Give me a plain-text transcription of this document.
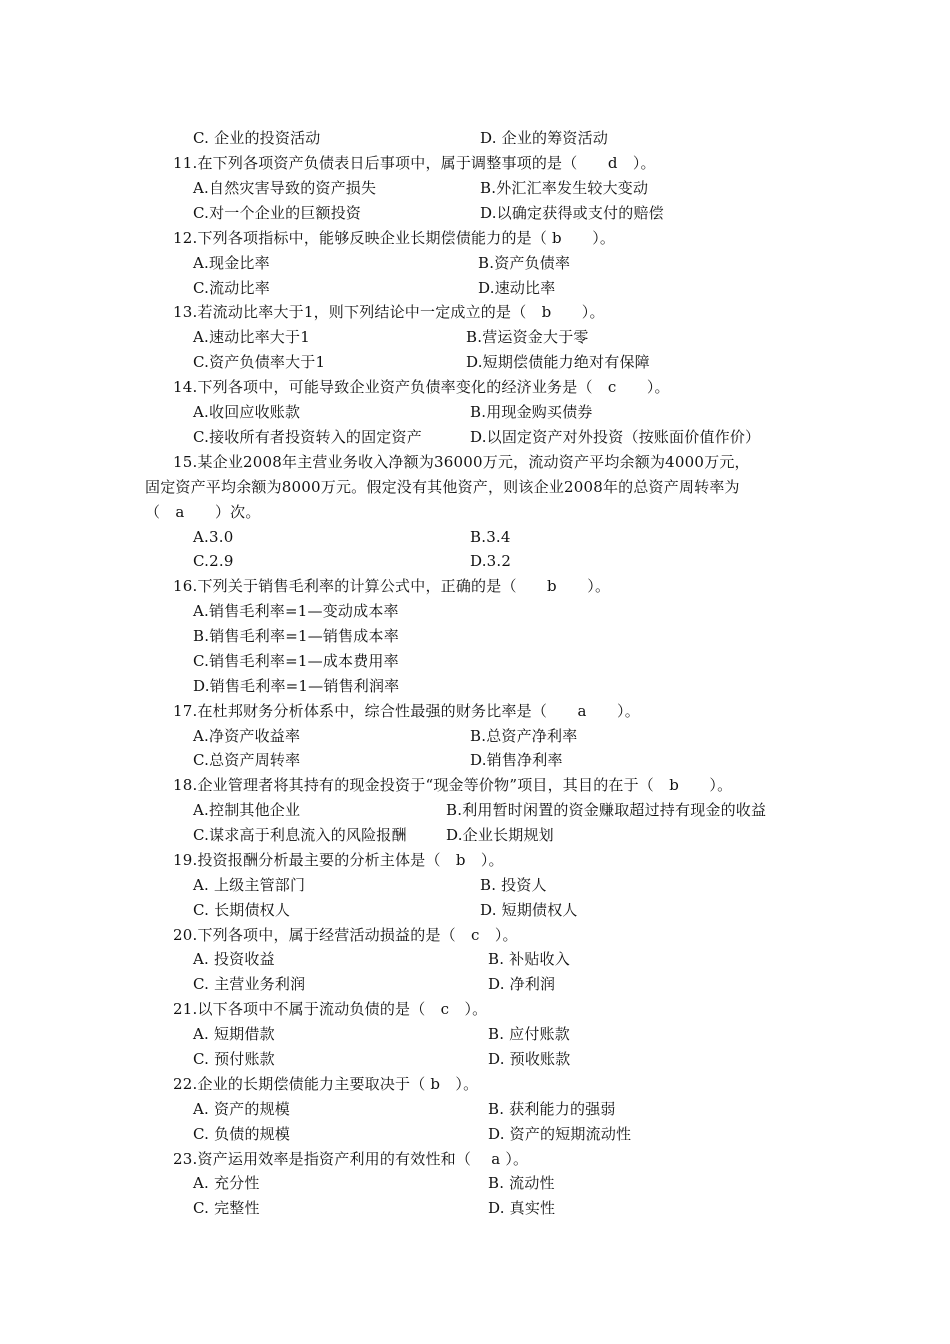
C. 企业的投资活动	D. 企业的筹资活动
11.在下列各项资产负债表日后事项中，属于调整事项的是（　　d　）。
A.自然灾害导致的资产损失	B.外汇汇率发生较大变动
C.对一个企业的巨额投资	D.以确定获得或支付的赔偿
12.下列各项指标中，能够反映企业长期偿债能力的是（ b　　）。
A.现金比率	B.资产负债率
C.流动比率	D.速动比率
13.若流动比率大于1，则下列结论中一定成立的是（　b　　）。
A.速动比率大于1	B.营运资金大于零
C.资产负债率大于1	D.短期偿债能力绝对有保障
14.下列各项中，可能导致企业资产负债率变化的经济业务是（　c　　）。
A.收回应收账款	B.用现金购买债券
C.接收所有者投资转入的固定资产	D.以固定资产对外投资（按账面价值作价）
15.某企业2008年主营业务收入净额为36000万元，流动资产平均余额为4000万元，
固定资产平均余额为8000万元。假定没有其他资产，则该企业2008年的总资产周转率为
（　a　　）次。
A.3.0	B.3.4
C.2.9	D.3.2
16.下列关于销售毛利率的计算公式中，正确的是（　　b　　）。
A.销售毛利率=1—变动成本率
B.销售毛利率=1—销售成本率
C.销售毛利率=1—成本费用率
D.销售毛利率=1—销售利润率
17.在杜邦财务分析体系中，综合性最强的财务比率是（　　a　　）。
A.净资产收益率	B.总资产净利率
C.总资产周转率	D.销售净利率
18.企业管理者将其持有的现金投资于“现金等价物”项目，其目的在于（　b　　）。
A.控制其他企业	B.利用暂时闲置的资金赚取超过持有现金的收益
C.谋求高于利息流入的风险报酬	D.企业长期规划
19.投资报酬分析最主要的分析主体是（　b　）。
A. 上级主管部门	B. 投资人
C. 长期债权人	D. 短期债权人
20.下列各项中，属于经营活动损益的是（　c　）。
A. 投资收益	B. 补贴收入
C. 主营业务利润	D. 净利润
21.以下各项中不属于流动负债的是（　c　）。
A. 短期借款	B. 应付账款
C. 预付账款	D. 预收账款
22.企业的长期偿债能力主要取决于（ b　）。
A. 资产的规模	B. 获利能力的强弱
C. 负债的规模	D. 资产的短期流动性
23.资产运用效率是指资产利用的有效性和（　 a ）。
A. 充分性	B. 流动性
C. 完整性	D. 真实性
